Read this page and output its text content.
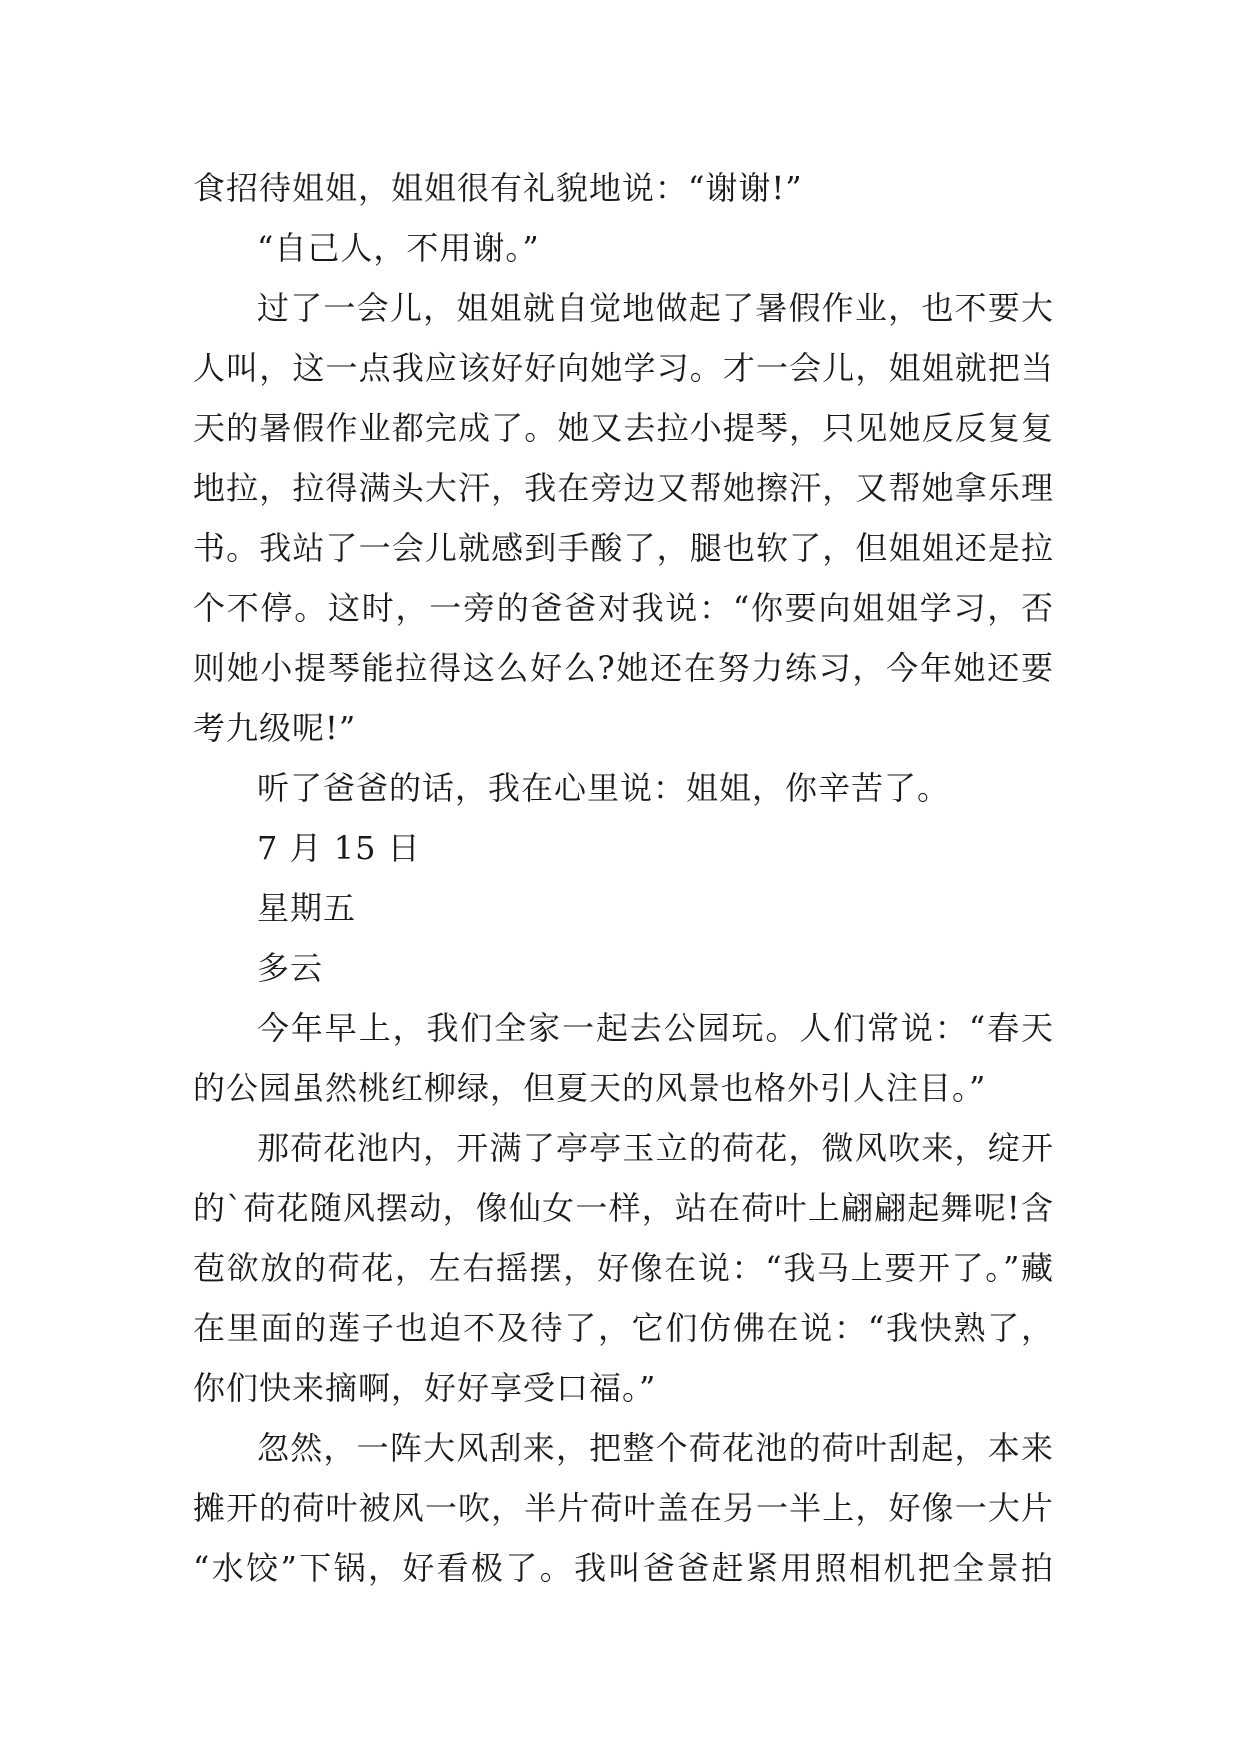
食招待姐姐，姐姐很有礼貌地说：“谢谢!”
“自己人，不用谢。”
过了一会儿，姐姐就自觉地做起了暑假作业，也不要大
人叫，这一点我应该好好向她学习。才一会儿，姐姐就把当
天的暑假作业都完成了。她又去拉小提琴，只见她反反复复
地拉，拉得满头大汗，我在旁边又帮她擦汗，又帮她拿乐理
书。我站了一会儿就感到手酸了，腿也软了，但姐姐还是拉
个不停。这时，一旁的爸爸对我说：“你要向姐姐学习，否
则她小提琴能拉得这么好么?她还在努力练习，今年她还要
考九级呢!”
听了爸爸的话，我在心里说：姐姐，你辛苦了。
7 月 15 日
星期五
多云
今年早上，我们全家一起去公园玩。人们常说：“春天
的公园虽然桃红柳绿，但夏天的风景也格外引人注目。”
那荷花池内，开满了亭亭玉立的荷花，微风吹来，绽开
的`荷花随风摆动，像仙女一样，站在荷叶上翩翩起舞呢!含
苞欲放的荷花，左右摇摆，好像在说：“我马上要开了。”藏
在里面的莲子也迫不及待了，它们仿佛在说：“我快熟了，
你们快来摘啊，好好享受口福。”
忽然，一阵大风刮来，把整个荷花池的荷叶刮起，本来
摊开的荷叶被风一吹，半片荷叶盖在另一半上，好像一大片
“水饺”下锅，好看极了。我叫爸爸赶紧用照相机把全景拍
